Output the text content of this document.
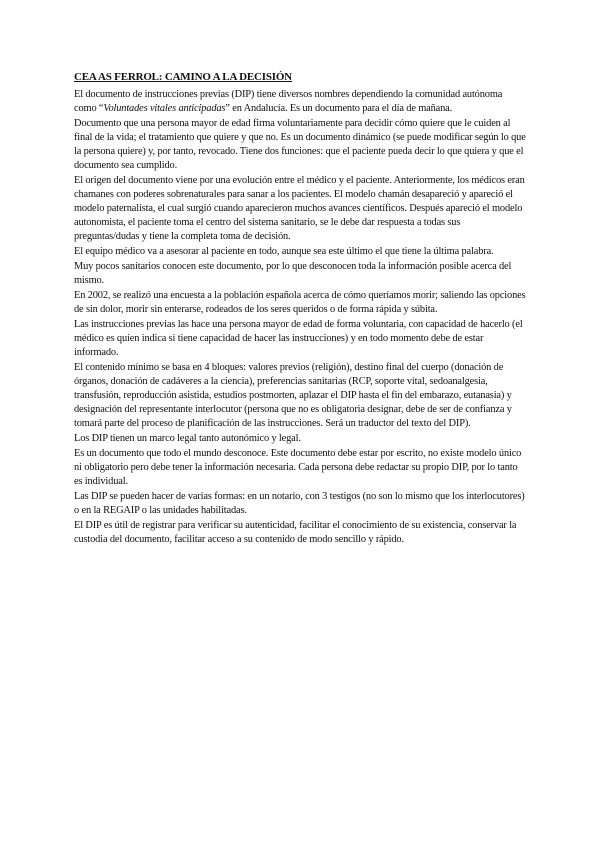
CEA AS FERROL: CAMINO A LA DECISIÓN

El documento de instrucciones previas (DIP) tiene diversos nombres dependiendo la comunidad autónoma como “Voluntades vitales anticipadas” en Andalucía. Es un documento para el día de mañana.

Documento que una persona mayor de edad firma voluntariamente para decidir cómo quiere que le cuiden al final de la vida; el tratamiento que quiere y que no. Es un documento dinámico (se puede modificar según lo que la persona quiere) y, por tanto, revocado. Tiene dos funciones: que el paciente pueda decir lo que quiera y que el documento sea cumplido.

El origen del documento viene por una evolución entre el médico y el paciente. Anteriormente, los médicos eran chamanes con poderes sobrenaturales para sanar a los pacientes. El modelo chamán desapareció y apareció el modelo paternalista, el cual surgió cuando aparecieron muchos avances científicos. Después apareció el modelo autonomista, el paciente toma el centro del sistema sanitario, se le debe dar respuesta a todas sus preguntas/dudas y tiene la completa toma de decisión.

El equipo médico va a asesorar al paciente en todo, aunque sea este último el que tiene la última palabra.

Muy pocos sanitarios conocen este documento, por lo que desconocen toda la información posible acerca del mismo.

En 2002, se realizó una encuesta a la población española acerca de cómo queríamos morir; saliendo las opciones de sin dolor, morir sin enterarse, rodeados de los seres queridos o de forma rápida y súbita.

Las instrucciones previas las hace una persona mayor de edad de forma voluntaria, con capacidad de hacerlo (el médico es quien indica si tiene capacidad de hacer las instrucciones) y en todo momento debe de estar informado.

El contenido mínimo se basa en 4 bloques: valores previos (religión), destino final del cuerpo (donación de órganos, donación de cadáveres a la ciencia), preferencias sanitarias (RCP, soporte vital, sedoanalgesia, transfusión, reproducción asistida, estudios postmorten, aplazar el DIP hasta el fin del embarazo, eutanasia) y designación del representante interlocutor (persona que no es obligatoria designar, debe de ser de confianza y tomará parte del proceso de planificación de las instrucciones. Será un traductor del texto del DIP).

Los DIP tienen un marco legal tanto autonómico y legal.

Es un documento que todo el mundo desconoce. Este documento debe estar por escrito, no existe modelo único ni obligatorio pero debe tener la información necesaria. Cada persona debe redactar su propio DIP, por lo tanto es individual.

Las DIP se pueden hacer de varias formas: en un notario, con 3 testigos (no son lo mismo que los interlocutores) o en la REGAIP o las unidades habilitadas.

El DIP es útil de registrar para verificar su autenticidad, facilitar el conocimiento de su existencia, conservar la custodia del documento, facilitar acceso a su contenido de modo sencillo y rápido.
